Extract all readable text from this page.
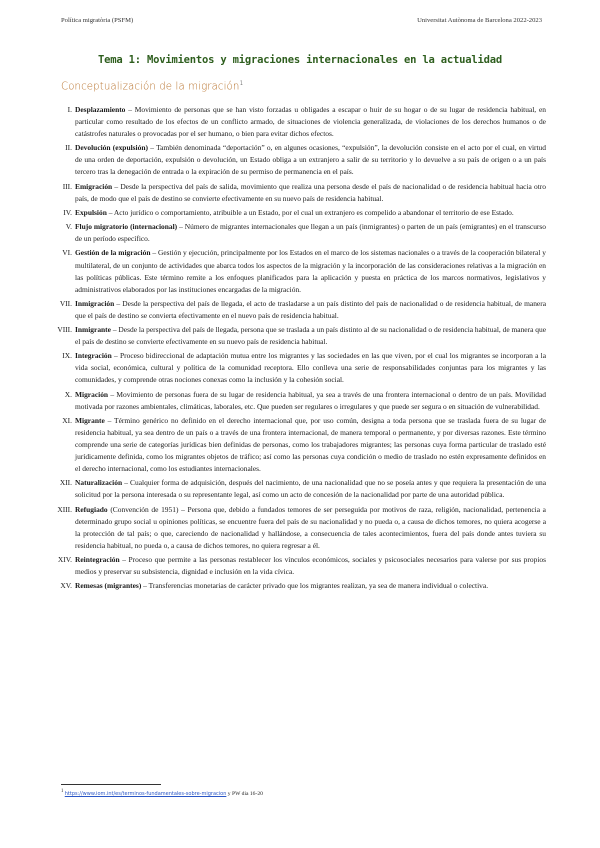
Política migratòria (PSFM)	Universitat Autònoma de Barcelona 2022-2023
Tema 1: Movimientos y migraciones internacionales en la actualidad
Conceptualización de la migración$^1$
I. Desplazamiento – Movimiento de personas que se han visto forzadas u obligades a escapar o huir de su hogar o de su lugar de residencia habitual, en particular como resultado de los efectos de un conflicto armado, de situaciones de violencia generalizada, de violaciones de los derechos humanos o de catástrofes naturales o provocadas por el ser humano, o bien para evitar dichos efectos.
II. Devolución (expulsión) – También denominada “deportación” o, en algunes ocasiones, “expulsión”, la devolución consiste en el acto por el cual, en virtud de una orden de deportación, expulsión o devolución, un Estado obliga a un extranjero a salir de su territorio y lo devuelve a su país de origen o a un país tercero tras la denegación de entrada o la expiración de su permiso de permanencia en el país.
III. Emigración – Desde la perspectiva del país de salida, movimiento que realiza una persona desde el país de nacionalidad o de residencia habitual hacia otro país, de modo que el país de destino se convierte efectivamente en su nuevo país de residencia habitual.
IV. Expulsión – Acto jurídico o comportamiento, atribuible a un Estado, por el cual un extranjero es compelido a abandonar el territorio de ese Estado.
V. Flujo migratorio (internacional) – Número de migrantes internacionales que llegan a un país (inmigrantes) o parten de un país (emigrantes) en el transcurso de un período específico.
VI. Gestión de la migración – Gestión y ejecución, principalmente por los Estados en el marco de los sistemas nacionales o a través de la cooperación bilateral y multilateral, de un conjunto de actividades que abarca todos los aspectos de la migración y la incorporación de las consideraciones relativas a la migración en las políticas públicas. Este término remite a los enfoques planificados para la aplicación y puesta en práctica de los marcos normativos, legislativos y administrativos elaborados por las instituciones encargadas de la migración.
VII. Inmigración – Desde la perspectiva del país de llegada, el acto de trasladarse a un país distinto del país de nacionalidad o de residencia habitual, de manera que el país de destino se convierta efectivamente en el nuevo país de residencia habitual.
VIII. Inmigrante – Desde la perspectiva del país de llegada, persona que se traslada a un país distinto al de su nacionalidad o de residencia habitual, de manera que el país de destino se convierte efectivamente en su nuevo país de residencia habitual.
IX. Integración – Proceso bidireccional de adaptación mutua entre los migrantes y las sociedades en las que viven, por el cual los migrantes se incorporan a la vida social, económica, cultural y política de la comunidad receptora. Ello conlleva una serie de responsabilidades conjuntas para los migrantes y las comunidades, y comprende otras nociones conexas como la inclusión y la cohesión social.
X. Migración – Movimiento de personas fuera de su lugar de residencia habitual, ya sea a través de una frontera internacional o dentro de un país. Movilidad motivada por razones ambientales, climáticas, laborales, etc. Que pueden ser regulares o irregulares y que puede ser segura o en situación de vulnerabilidad.
XI. Migrante – Término genérico no definido en el derecho internacional que, por uso común, designa a toda persona que se traslada fuera de su lugar de residencia habitual, ya sea dentro de un país o a través de una frontera internacional, de manera temporal o permanente, y por diversas razones. Este término comprende una serie de categorías jurídicas bien definidas de personas, como los trabajadores migrantes; las personas cuya forma particular de traslado esté jurídicamente definida, como los migrantes objetos de tráfico; así como las personas cuya condición o medio de traslado no estén expresamente definidos en el derecho internacional, como los estudiantes internacionales.
XII. Naturalización – Cualquier forma de adquisición, después del nacimiento, de una nacionalidad que no se poseía antes y que requiera la presentación de una solicitud por la persona interesada o su representante legal, así como un acto de concesión de la nacionalidad por parte de una autoridad pública.
XIII. Refugiado (Convención de 1951) – Persona que, debido a fundados temores de ser perseguida por motivos de raza, religión, nacionalidad, pertenencia a determinado grupo social u opiniones políticas, se encuentre fuera del país de su nacionalidad y no pueda o, a causa de dichos temores, no quiera acogerse a la protección de tal país; o que, careciendo de nacionalidad y hallándose, a consecuencia de tales acontecimientos, fuera del país donde antes tuviera su residencia habitual, no pueda o, a causa de dichos temores, no quiera regresar a él.
XIV. Reintegración – Proceso que permite a las personas restablecer los vínculos económicos, sociales y psicosociales necesarios para valerse por sus propios medios y preservar su subsistencia, dignidad e inclusión en la vida cívica.
XV. Remesas (migrantes) – Transferencias monetarias de carácter privado que los migrantes realizan, ya sea de manera individual o colectiva.
$^1$ https://www.iom.int/es/terminos-fundamentales-sobre-migracion y PW dia 16-20
